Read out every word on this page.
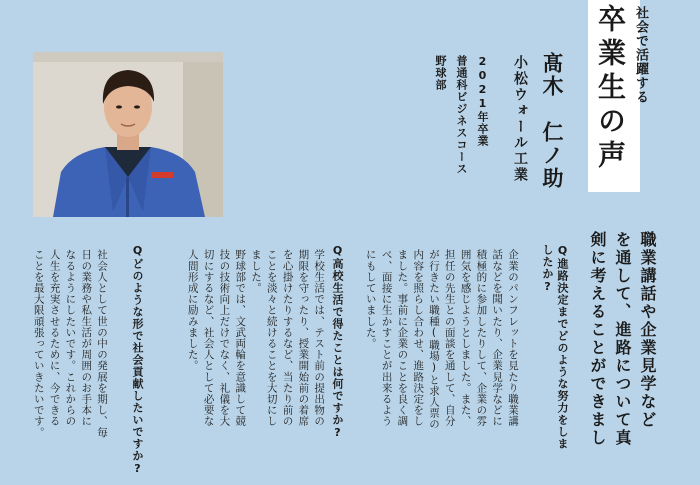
卒業生の声 社会で活躍する
髙木　仁ノ助
小松ウォール工業
2021年卒業
普通科ビジネスコース
野球部
職業講話や企業見学など
を通して、進路について真
剣に考えることができまし
Q進路決定までどのような努力をしま
したか?
企業のパンフレットを見たり職業講
話などを聞いたり、企業見学などに
積極的に参加したりして、企業の雰
囲気を感じようとしました。また、
担任の先生との面談を通して、自分
が行きたい職種(職場)と求人票の
内容を照らし合わせ、進路決定をし
ました。事前に企業のことを良く調
べ、面接に生かすことが出来るよう
にもしていました。
Q高校生活で得たことは何ですか?
学校生活では、テスト前の提出物の
期限を守ったり、授業開始前の着席
を心掛けたりするなど、当たり前の
ことを淡々と続けることを大切にし
ました。
野球部では、文武両輪を意識して競
技の技術向上だけでなく、礼儀を大
切にするなど、社会人として必要な
人間形成に励みました。
Qどのような形で社会貢献したいですか?
社会人として世の中の発展を期し、毎
日の業務や私生活が周囲のお手本に
なるようにしたいです。これからの
人生を充実させるために、今できる
ことを最大限頑張っていきたいです。
